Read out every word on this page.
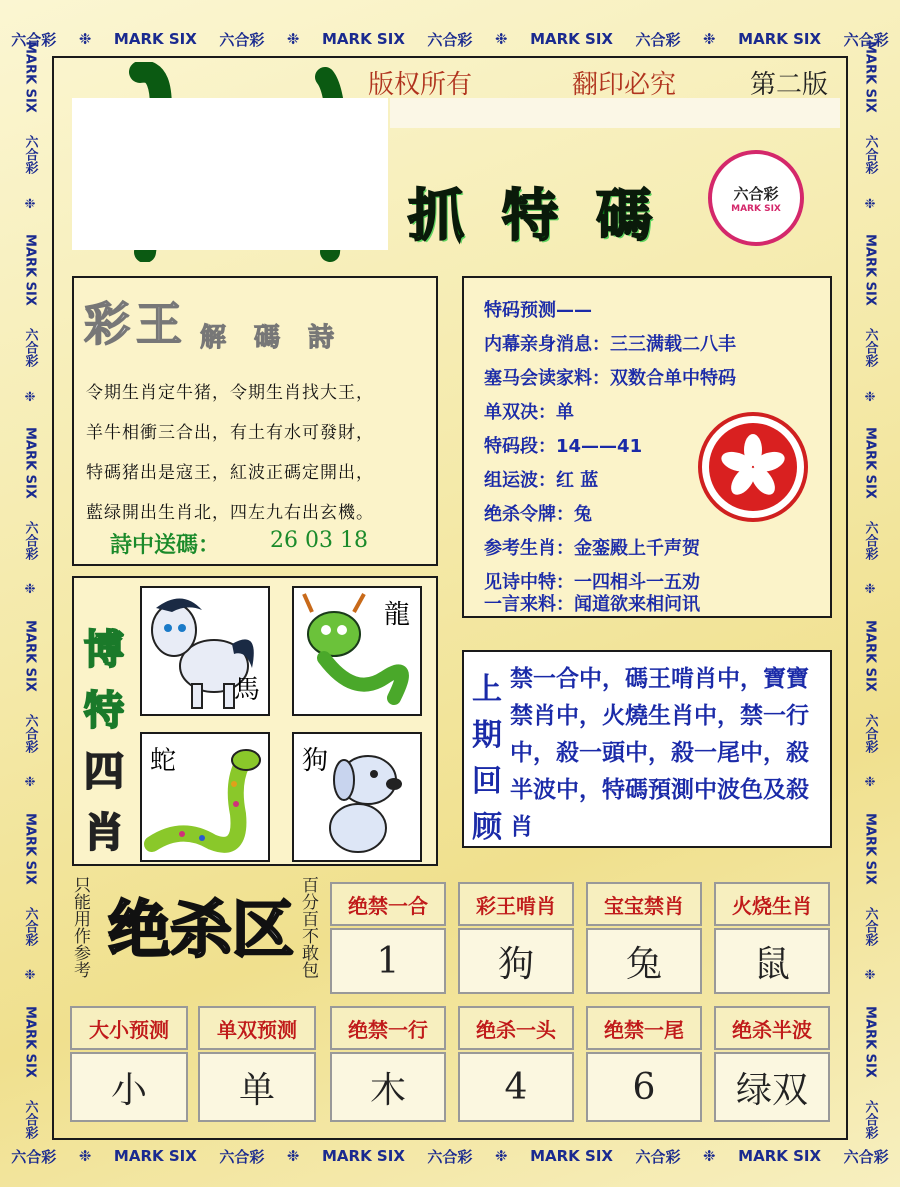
六合彩 ❉ MARK SIX 六合彩 ❉ MARK SIX 六合彩 ❉ MARK SIX 六合彩 ❉ MARK SIX 六合彩
六合彩 ❉ MARK SIX 六合彩 ❉ MARK SIX 六合彩 ❉ MARK SIX 六合彩 ❉ MARK SIX 六合彩
MARK SIX
六合彩
❉
MARK SIX
六合彩
❉
MARK SIX
六合彩
❉
MARK SIX
六合彩
❉
MARK SIX
六合彩
❉
MARK SIX
六合彩
MARK SIX
六合彩
❉
MARK SIX
六合彩
❉
MARK SIX
六合彩
❉
MARK SIX
六合彩
❉
MARK SIX
六合彩
❉
MARK SIX
六合彩
版权所有	翻印必究	第二版
抓 特 碼	六合彩
MARK SIX
彩 王 解 碼 詩
令期生肖定牛猪，令期生肖找大王，
羊牛相衝三合出，有土有水可發財，
特碼猪出是寇王，紅波正碼定開出，
藍绿開出生肖北，四左九右出玄機。
詩中送碼： 26 03 18
特码预测——
内幕亲身消息：三三满载二八丰
塞马会读家料：双数合单中特码
单双决：单
特码段：14——41
组运波：红 蓝
绝杀令牌：兔
参考生肖：金銮殿上千声贺
见诗中特：一四相斗一五劝
一言来料：闻道欲来相问讯
博
特
四
肖
馬
龍
蛇	狗
上
期
回
顾
禁一合中，碼王啃肖中，寶寶禁肖中，火燒生肖中，禁一行中，殺一頭中，殺一尾中，殺半波中，特碼預測中波色及殺肖
只能用作参考 绝杀区 百分百不敢包	绝禁一合	彩王啃肖	宝宝禁肖	火烧生肖
1	狗	兔	鼠
大小预测	单双预测	绝禁一行	绝杀一头	绝禁一尾	绝杀半波
小	单	木	4	6	绿双
